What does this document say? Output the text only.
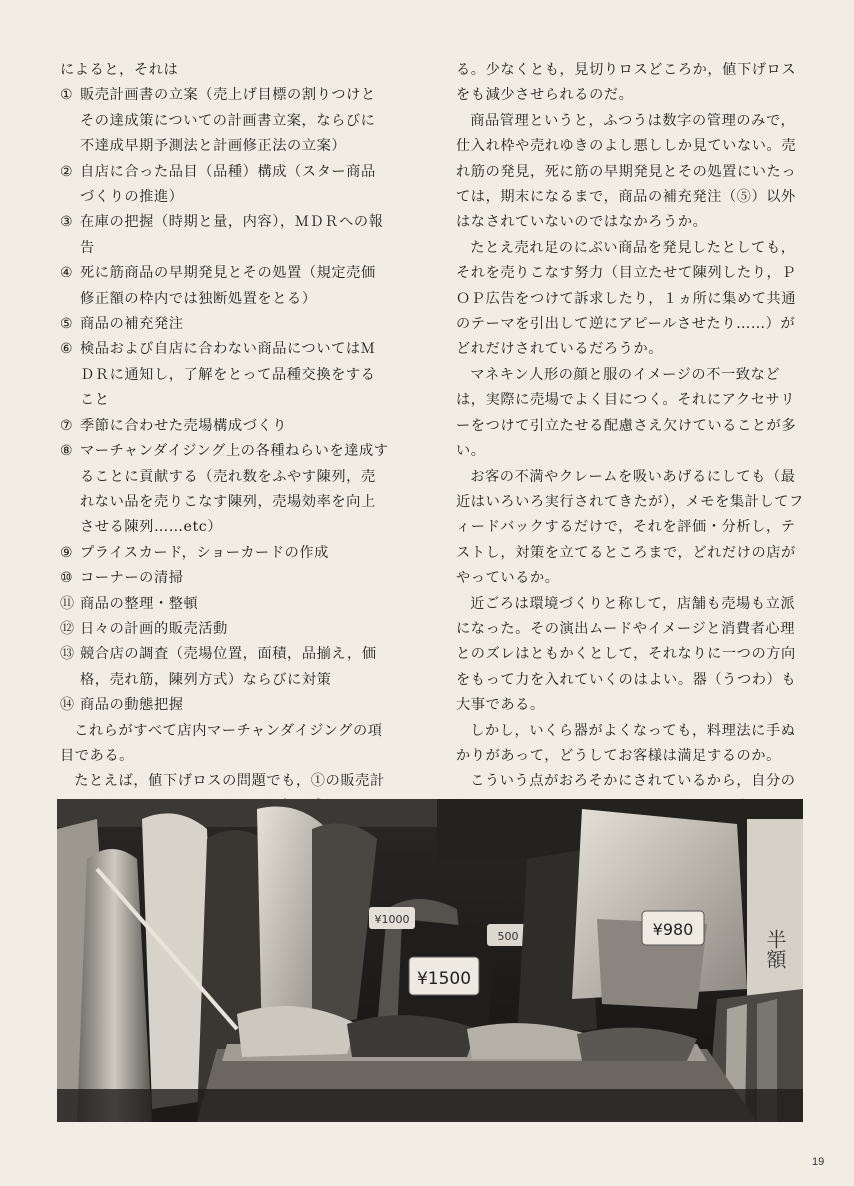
によると，それは

① 販売計画書の立案（売上げ目標の割りつけとその達成策についての計画書立案，ならびに不達成早期予測法と計画修正法の立案）
② 自店に合った品目（品種）構成（スター商品づくりの推進）
③ 在庫の把握（時期と量，内容），ＭＤＲへの報告
④ 死に筋商品の早期発見とその処置（規定売価修正額の枠内では独断処置をとる）
⑤ 商品の補充発注
⑥ 検品および自店に合わない商品についてはＭＤＲに通知し，了解をとって品種交換をすること
⑦ 季節に合わせた売場構成づくり
⑧ マーチャンダイジング上の各種ねらいを達成することに貢献する（売れ数をふやす陳列，売れない品を売りこなす陳列，売場効率を向上させる陳列……etc）
⑨ プライスカード，ショーカードの作成
⑩ コーナーの清掃
⑪ 商品の整理・整頓
⑫ 日々の計画的販売活動
⑬ 競合店の調査（売場位置，面積，品揃え，価格，売れ筋，陳列方式）ならびに対策
⑭ 商品の動態把握

これらがすべて店内マーチャンダイジングの項目である。

たとえば，値下げロスの問題でも，①の販売計

る。少なくとも，見切りロスどころか，値下げロスをも減少させられるのだ。

商品管理というと，ふつうは数字の管理のみで，仕入れ枠や売れゆきのよし悪ししか見ていない。売れ筋の発見，死に筋の早期発見とその処置にいたっては，期末になるまで，商品の補充発注（⑤）以外はなされていないのではなかろうか。

たとえ売れ足のにぶい商品を発見したとしても，それを売りこなす努力（目立たせて陳列したり，ＰＯＰ広告をつけて訴求したり，１ヵ所に集めて共通のテーマを引出して逆にアピールさせたり……）がどれだけされているだろうか。

マネキン人形の顔と服のイメージの不一致などは，実際に売場でよく目につく。それにアクセサリーをつけて引立たせる配慮さえ欠けていることが多い。

お客の不満やクレームを吸いあげるにしても（最近はいろいろ実行されてきたが），メモを集計してフィードバックするだけで，それを評価・分析し，テストし，対策を立てるところまで，どれだけの店がやっているか。

近ごろは環境づくりと称して，店舗も売場も立派になった。その演出ムードやイメージと消費者心理とのズレはともかくとして，それなりに一つの方向をもって力を入れていくのはよい。器（うつわ）も大事である。

しかし，いくら器がよくなっても，料理法に手ぬかりがあって，どうしてお客様は満足するのか。

こういう点がおろそかにされているから，自分の

¥1500
¥1000
500	¥980	半額
19
